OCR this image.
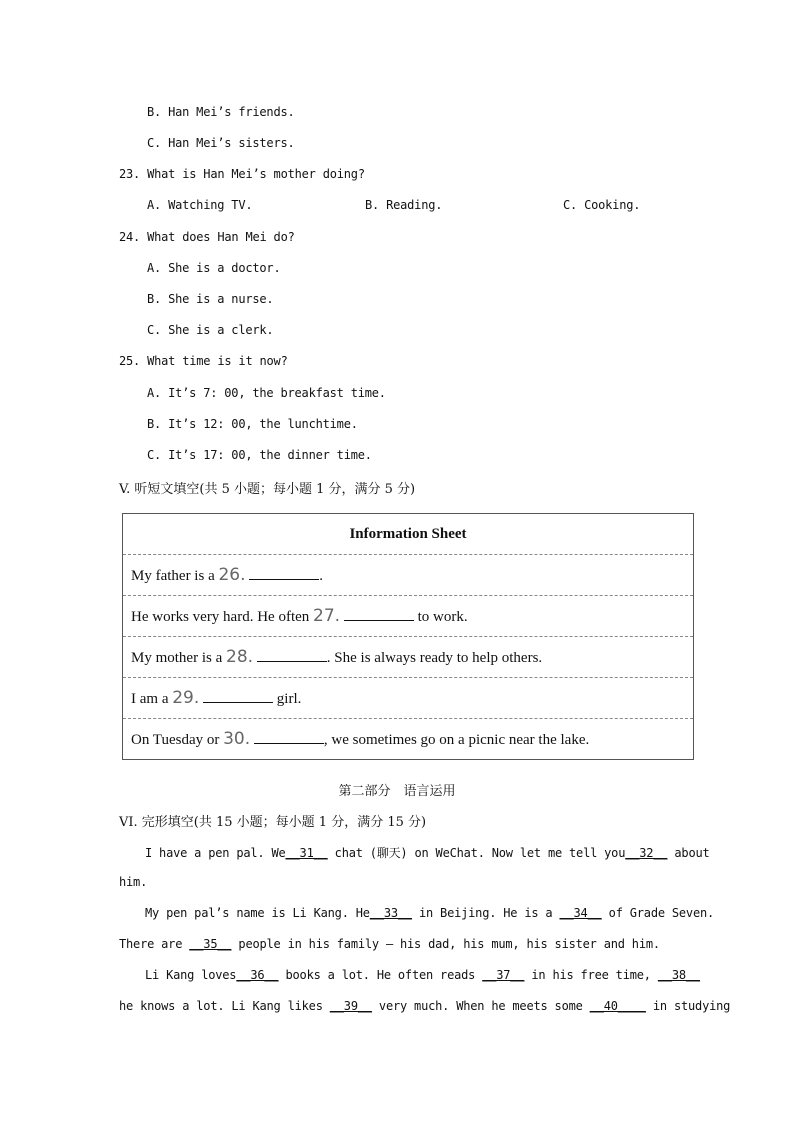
B. Han Mei’s friends.
C. Han Mei’s sisters.
23. What is Han Mei’s mother doing?
A. Watching TV.	B. Reading.	C. Cooking.
24. What does Han Mei do?
A. She is a doctor.
B. She is a nurse.
C. She is a clerk.
25. What time is it now?
A. It’s 7: 00, the breakfast time.
B. It’s 12: 00, the lunchtime.
C. It’s 17: 00, the dinner time.
V. 听短文填空(共 5 小题；每小题 1 分，满分 5 分)
Information Sheet
My father is a 26.	.
He works very hard. He often 27.	to work.
My mother is a 28.	. She is always ready to help others.
I am a 29.	girl.
On Tuesday or 30.	, we sometimes go on a picnic near the lake.
第二部分　语言运用
VI. 完形填空(共 15 小题；每小题 1 分，满分 15 分)
I have a pen pal. We__31__ chat (聊天) on WeChat. Now let me tell you__32__ about
him.
My pen pal’s name is Li Kang. He__33__ in Beijing. He is a __34__ of Grade Seven.
There are __35__ people in his family — his dad, his mum, his sister and him.
Li Kang loves__36__ books a lot. He often reads __37__ in his free time, __38__
he knows a lot. Li Kang likes __39__ very much. When he meets some __40____ in studying
